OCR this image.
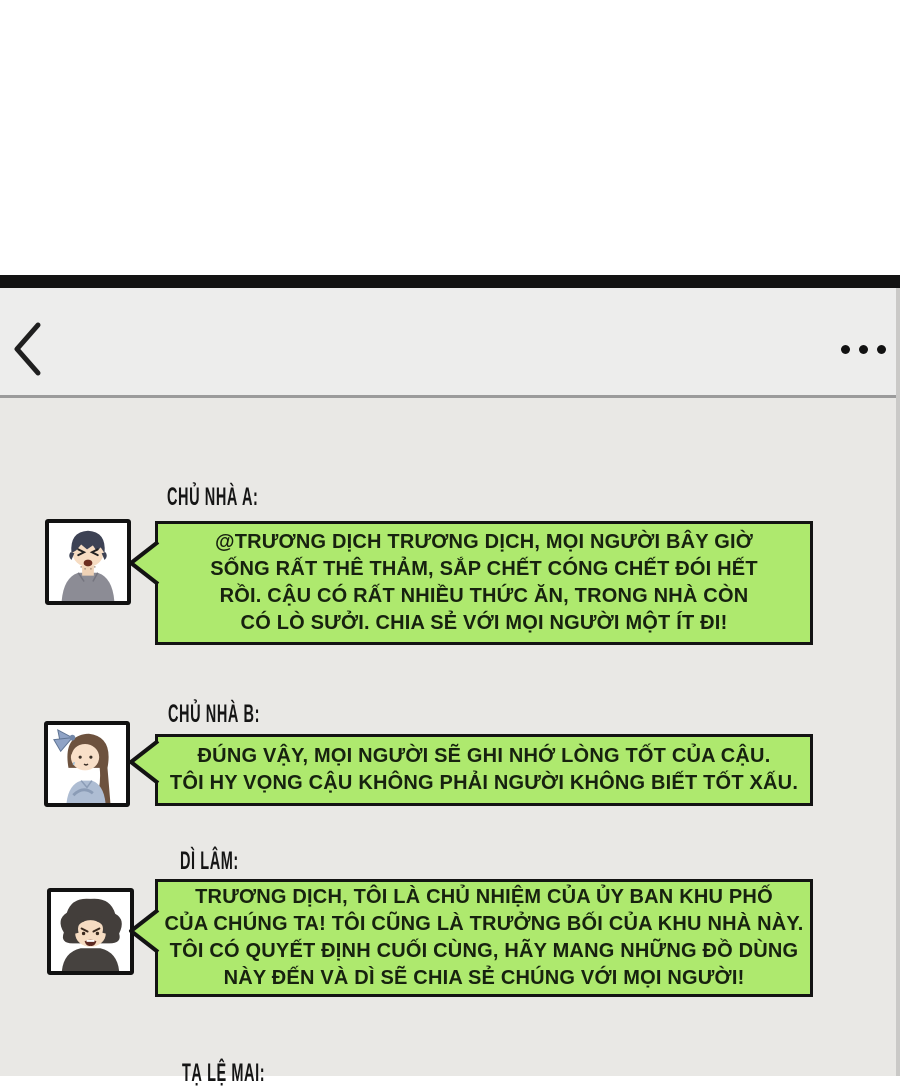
CHỦ NHÀ A:
@TRƯƠNG DỊCH TRƯƠNG DỊCH, MỌI NGƯỜI BÂY GIỜ
SỐNG RẤT THÊ THẢM, SẮP CHẾT CÓNG CHẾT ĐÓI HẾT
RỒI. CẬU CÓ RẤT NHIỀU THỨC ĂN, TRONG NHÀ CÒN
CÓ LÒ SƯỞI. CHIA SẺ VỚI MỌI NGƯỜI MỘT ÍT ĐI!
CHỦ NHÀ B:
ĐÚNG VẬY, MỌI NGƯỜI SẼ GHI NHỚ LÒNG TỐT CỦA CẬU.
TÔI HY VỌNG CẬU KHÔNG PHẢI NGƯỜI KHÔNG BIẾT TỐT XẤU.
DÌ LÂM:
TRƯƠNG DỊCH, TÔI LÀ CHỦ NHIỆM CỦA ỦY BAN KHU PHỐ
CỦA CHÚNG TA! TÔI CŨNG LÀ TRƯỞNG BỐI CỦA KHU NHÀ NÀY.
TÔI CÓ QUYẾT ĐỊNH CUỐI CÙNG, HÃY MANG NHỮNG ĐỒ DÙNG
NÀY ĐẾN VÀ DÌ SẼ CHIA SẺ CHÚNG VỚI MỌI NGƯỜI!
TẠ LỆ MAI:
